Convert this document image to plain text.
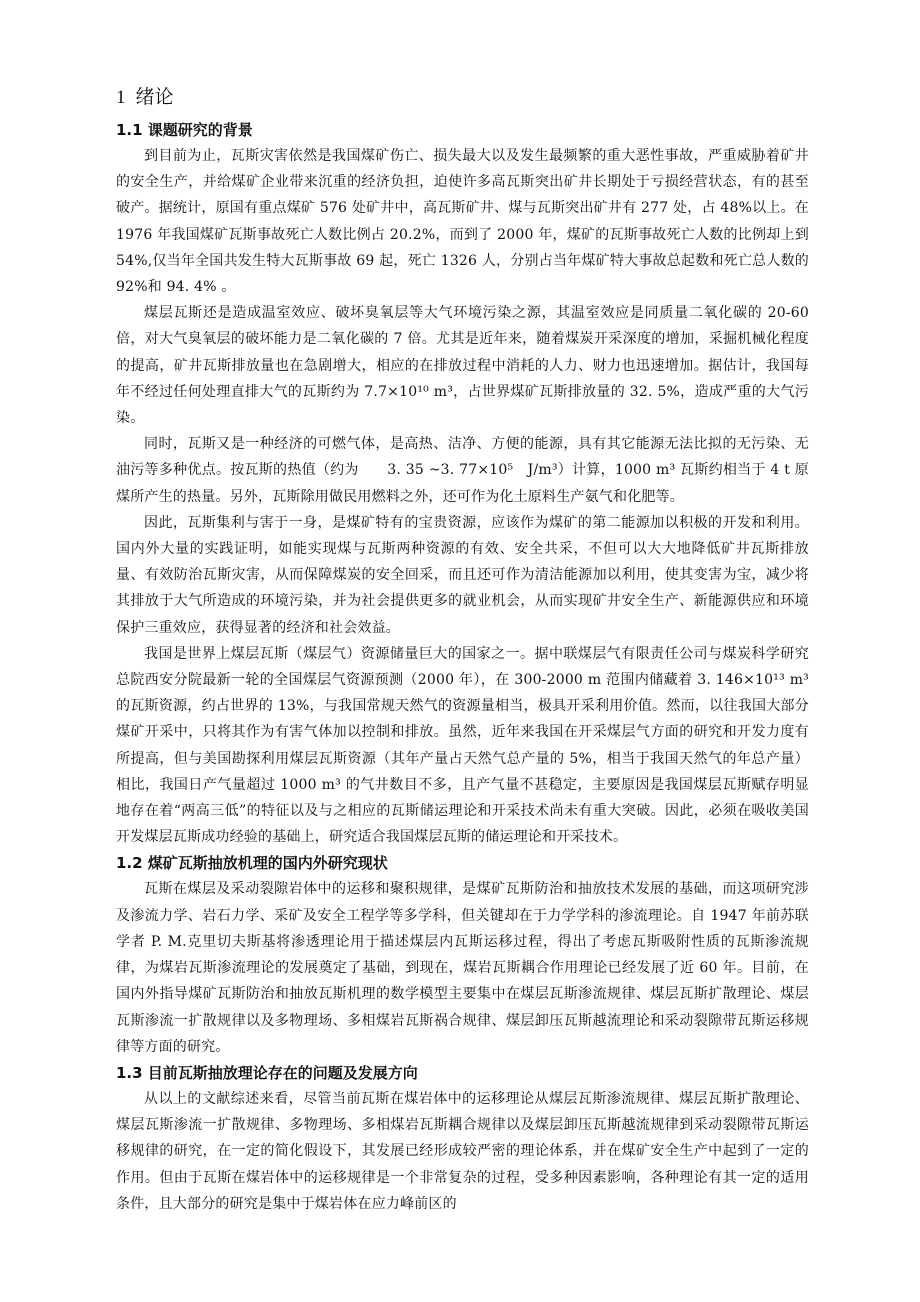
1 绪论
1.1 课题研究的背景

到目前为止，瓦斯灾害依然是我国煤矿伤亡、损失最大以及发生最频繁的重大恶性事故，严重威胁着矿井的安全生产，并给煤矿企业带来沉重的经济负担，迫使许多高瓦斯突出矿井长期处于亏损经营状态，有的甚至破产。据统计，原国有重点煤矿 576 处矿井中，高瓦斯矿井、煤与瓦斯突出矿井有 277 处，占 48%以上。在 1976 年我国煤矿瓦斯事故死亡人数比例占 20.2%，而到了 2000 年，煤矿的瓦斯事故死亡人数的比例却上到 54%,仅当年全国共发生特大瓦斯事故 69 起，死亡 1326 人，分别占当年煤矿特大事故总起数和死亡总人数的 92%和 94. 4% 。

煤层瓦斯还是造成温室效应、破坏臭氧层等大气环境污染之源，其温室效应是同质量二氧化碳的 20-60 倍，对大气臭氧层的破坏能力是二氧化碳的 7 倍。尤其是近年来，随着煤炭开采深度的增加，采掘机械化程度的提高，矿井瓦斯排放量也在急剧增大，相应的在排放过程中消耗的人力、财力也迅速增加。据估计，我国每年不经过任何处理直排大气的瓦斯约为 7.7×10¹⁰ m³，占世界煤矿瓦斯排放量的 32. 5%，造成严重的大气污染。

同时，瓦斯又是一种经济的可燃气体，是高热、洁净、方便的能源，具有其它能源无法比拟的无污染、无油污等多种优点。按瓦斯的热值（约为　　3. 35 ~3. 77×10⁵　J/m³）计算，1000 m³ 瓦斯约相当于 4 t 原煤所产生的热量。另外，瓦斯除用做民用燃料之外，还可作为化土原料生产氨气和化肥等。

因此，瓦斯集利与害于一身，是煤矿特有的宝贵资源，应该作为煤矿的第二能源加以积极的开发和利用。国内外大量的实践证明，如能实现煤与瓦斯两种资源的有效、安全共采，不但可以大大地降低矿井瓦斯排放量、有效防治瓦斯灾害，从而保障煤炭的安全回采，而且还可作为清洁能源加以利用，使其变害为宝，减少将其排放于大气所造成的环境污染，并为社会提供更多的就业机会，从而实现矿井安全生产、新能源供应和环境保护三重效应，获得显著的经济和社会效益。

我国是世界上煤层瓦斯（煤层气）资源储量巨大的国家之一。据中联煤层气有限责任公司与煤炭科学研究总院西安分院最新一轮的全国煤层气资源预测（2000 年），在 300-2000 m 范围内储藏着 3. 146×10¹³ m³ 的瓦斯资源，约占世界的 13%，与我国常规天然气的资源量相当，极具开采利用价值。然而，以往我国大部分煤矿开采中，只将其作为有害气体加以控制和排放。虽然，近年来我国在开采煤层气方面的研究和开发力度有所提高，但与美国勘探利用煤层瓦斯资源（其年产量占天然气总产量的 5%，相当于我国天然气的年总产量）相比，我国日产气量超过 1000 m³ 的气井数目不多，且产气量不甚稳定，主要原因是我国煤层瓦斯赋存明显地存在着“两高三低”的特征以及与之相应的瓦斯储运理论和开采技术尚未有重大突破。因此，必须在吸收美国开发煤层瓦斯成功经验的基础上，研究适合我国煤层瓦斯的储运理论和开采技术。

1.2 煤矿瓦斯抽放机理的国内外研究现状

瓦斯在煤层及采动裂隙岩体中的运移和聚积规律，是煤矿瓦斯防治和抽放技术发展的基础，而这项研究涉及渗流力学、岩石力学、采矿及安全工程学等多学科，但关键却在于力学学科的渗流理论。自 1947 年前苏联学者 P. M.克里切夫斯基将渗透理论用于描述煤层内瓦斯运移过程，得出了考虑瓦斯吸附性质的瓦斯渗流规律，为煤岩瓦斯渗流理论的发展奠定了基础，到现在，煤岩瓦斯耦合作用理论已经发展了近 60 年。目前，在国内外指导煤矿瓦斯防治和抽放瓦斯机理的数学模型主要集中在煤层瓦斯渗流规律、煤层瓦斯扩散理论、煤层瓦斯渗流一扩散规律以及多物理场、多相煤岩瓦斯祸合规律、煤层卸压瓦斯越流理论和采动裂隙带瓦斯运移规律等方面的研究。

1.3 目前瓦斯抽放理论存在的问题及发展方向

从以上的文献综述来看，尽管当前瓦斯在煤岩体中的运移理论从煤层瓦斯渗流规律、煤层瓦斯扩散理论、煤层瓦斯渗流一扩散规律、多物理场、多相煤岩瓦斯耦合规律以及煤层卸压瓦斯越流规律到采动裂隙带瓦斯运移规律的研究，在一定的简化假设下，其发展已经形成较严密的理论体系，并在煤矿安全生产中起到了一定的作用。但由于瓦斯在煤岩体中的运移规律是一个非常复杂的过程，受多种因素影响，各种理论有其一定的适用条件，且大部分的研究是集中于煤岩体在应力峰前区的
